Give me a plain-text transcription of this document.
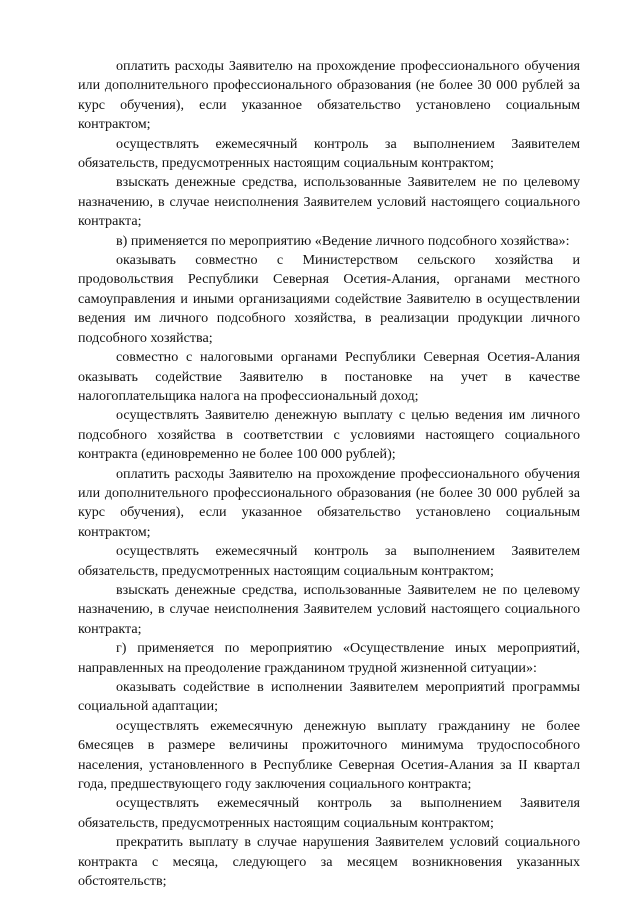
оплатить расходы Заявителю на прохождение профессионального обучения или дополнительного профессионального образования (не более 30 000 рублей за курс обучения), если указанное обязательство установлено социальным контрактом;

осуществлять ежемесячный контроль за выполнением Заявителем обязательств, предусмотренных настоящим социальным контрактом;

взыскать денежные средства, использованные Заявителем не по целевому назначению, в случае неисполнения Заявителем условий настоящего социального контракта;

в) применяется по мероприятию «Ведение личного подсобного хозяйства»:

оказывать совместно с Министерством сельского хозяйства и продовольствия Республики Северная Осетия-Алания, органами местного самоуправления и иными организациями содействие Заявителю в осуществлении ведения им личного подсобного хозяйства, в реализации продукции личного подсобного хозяйства;

совместно с налоговыми органами Республики Северная Осетия-Алания оказывать содействие Заявителю в постановке на учет в качестве налогоплательщика налога на профессиональный доход;

осуществлять Заявителю денежную выплату с целью ведения им личного подсобного хозяйства в соответствии с условиями настоящего социального контракта (единовременно не более 100 000 рублей);

оплатить расходы Заявителю на прохождение профессионального обучения или дополнительного профессионального образования (не более 30 000 рублей за курс обучения), если указанное обязательство установлено социальным контрактом;

осуществлять ежемесячный контроль за выполнением Заявителем обязательств, предусмотренных настоящим социальным контрактом;

взыскать денежные средства, использованные Заявителем не по целевому назначению, в случае неисполнения Заявителем условий настоящего социального контракта;

г) применяется по мероприятию «Осуществление иных мероприятий, направленных на преодоление гражданином трудной жизненной ситуации»:

оказывать содействие в исполнении Заявителем мероприятий программы социальной адаптации;

осуществлять ежемесячную денежную выплату гражданину не более 6месяцев в размере величины прожиточного минимума трудоспособного населения, установленного в Республике Северная Осетия-Алания за II квартал года, предшествующего году заключения социального контракта;

осуществлять ежемесячный контроль за выполнением Заявителя обязательств, предусмотренных настоящим социальным контрактом;

прекратить выплату в случае нарушения Заявителем условий социального контракта с месяца, следующего за месяцем возникновения указанных обстоятельств;
